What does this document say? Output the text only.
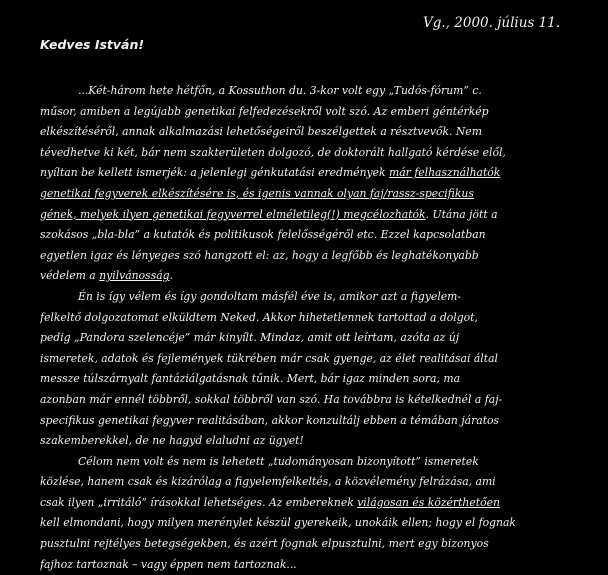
Vg., 2000. július 11.
Kedves István!
...Két-három hete hétfőn, a Kossuthon du. 3-kor volt egy „Tudós-fórum” c.
műsor, amiben a legújabb genetikai felfedezésekről volt szó. Az emberi géntérkép
elkészítéséről, annak alkalmazási lehetőségeiről beszélgettek a résztvevők. Nem
tévedhetve ki két, bár nem szakterületen dolgozó, de doktorált hallgató kérdése elől,
nyíltan be kellett ismerjék: a jelenlegi génkutatási eredmények már felhasználhatók
genetikai fegyverek elkészítésére is, és igenis vannak olyan faj/rassz-specifikus
gének, melyek ilyen genetikai fegyverrel elméletileg(!) megcélozhatók. Utána jött a
szokásos „bla-bla” a kutatók és politikusok felelősségéről etc. Ezzel kapcsolatban
egyetlen igaz és lényeges szó hangzott el: az, hogy a legfőbb és leghatékonyabb
védelem a nyilvánosság.
Én is így vélem és így gondoltam másfél éve is, amikor azt a figyelem-
felkeltő dolgozatomat elküldtem Neked. Akkor hihetetlennek tartottad a dolgot,
pedig „Pandora szelencéje” már kinyílt. Mindaz, amit ott leírtam, azóta az új
ismeretek, adatok és fejlemények tükrében már csak gyenge, az élet realitásai által
messze túlszárnyalt fantáziálgatásnak tűnik. Mert, bár igaz minden sora, ma
azonban már ennél többről, sokkal többről van szó. Ha továbbra is kételkednél a faj-
specifikus genetikai fegyver realitásában, akkor konzultálj ebben a témában járatos
szakemberekkel, de ne hagyd elaludni az ügyet!
Célom nem volt és nem is lehetett „tudományosan bizonyított” ismeretek
közlése, hanem csak és kizárólag a figyelemfelkeltés, a közvélemény felrázása, ami
csak ilyen „irritáló” írásokkal lehetséges. Az embereknek világosan és közérthetően
kell elmondani, hogy milyen merénylet készül gyerekeik, unokáik ellen; hogy el fognak
pusztulni rejtélyes betegségekben, és azért fognak elpusztulni, mert egy bizonyos
fajhoz tartoznak – vagy éppen nem tartoznak...
